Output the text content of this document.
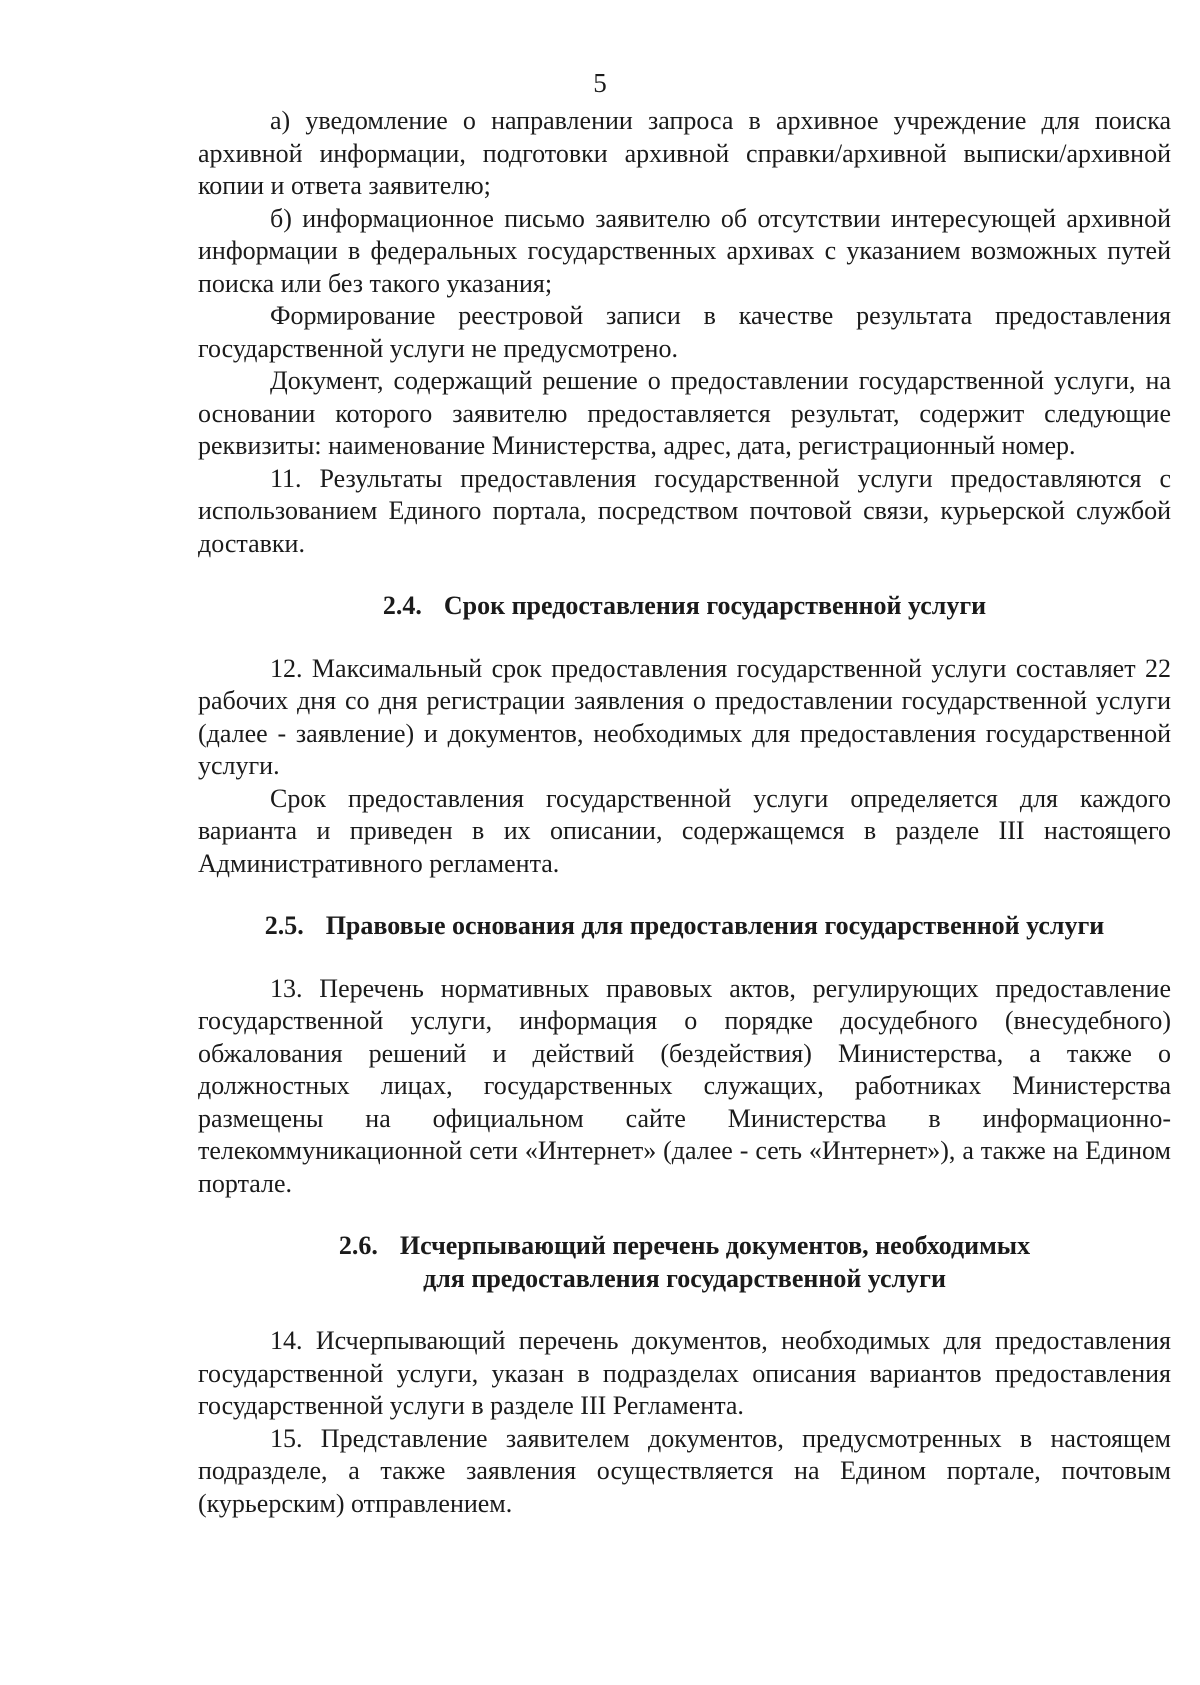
5

а) уведомление о направлении запроса в архивное учреждение для поиска архивной информации, подготовки архивной справки/архивной выписки/архивной копии и ответа заявителю;

б) информационное письмо заявителю об отсутствии интересующей архивной информации в федеральных государственных архивах с указанием возможных путей поиска или без такого указания;

Формирование реестровой записи в качестве результата предоставления государственной услуги не предусмотрено.

Документ, содержащий решение о предоставлении государственной услуги, на основании которого заявителю предоставляется результат, содержит следующие реквизиты: наименование Министерства, адрес, дата, регистрационный номер.

11. Результаты предоставления государственной услуги предоставляются с использованием Единого портала, посредством почтовой связи, курьерской службой доставки.

2.4. Срок предоставления государственной услуги

12. Максимальный срок предоставления государственной услуги составляет 22 рабочих дня со дня регистрации заявления о предоставлении государственной услуги (далее - заявление) и документов, необходимых для предоставления государственной услуги.

Срок предоставления государственной услуги определяется для каждого варианта и приведен в их описании, содержащемся в разделе III настоящего Административного регламента.

2.5. Правовые основания для предоставления государственной услуги

13. Перечень нормативных правовых актов, регулирующих предоставление государственной услуги, информация о порядке досудебного (внесудебного) обжалования решений и действий (бездействия) Министерства, а также о должностных лицах, государственных служащих, работниках Министерства размещены на официальном сайте Министерства в информационно-телекоммуникационной сети «Интернет» (далее - сеть «Интернет»), а также на Едином портале.

2.6. Исчерпывающий перечень документов, необходимых

для предоставления государственной услуги

14. Исчерпывающий перечень документов, необходимых для предоставления государственной услуги, указан в подразделах описания вариантов предоставления государственной услуги в разделе III Регламента.

15. Представление заявителем документов, предусмотренных в настоящем подразделе, а также заявления осуществляется на Едином портале, почтовым (курьерским) отправлением.
